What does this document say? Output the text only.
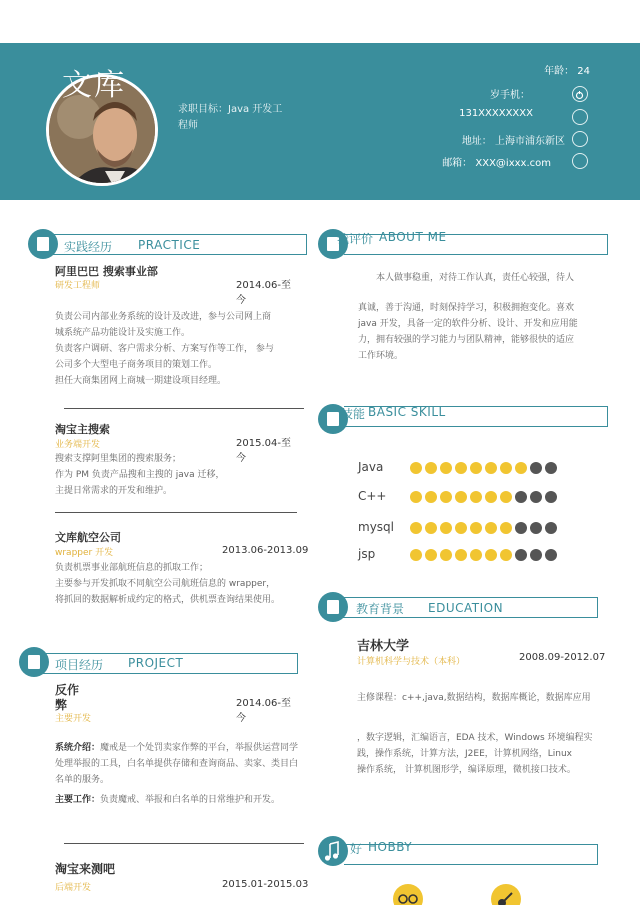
文库
求职目标：Java 开发工程师
年龄： 24
岁手机：
131XXXXXXXX
地址： 上海市浦东新区
邮箱： XXX@ixxx.com
实践经历 PRACTICE
阿里巴巴 搜索事业部
研发工程师	2014.06-至今
负责公司内部业务系统的设计及改进，参与公司网上商
城系统产品功能设计及实施工作。
负责客户调研、客户需求分析、方案写作等工作， 参与
公司多个大型电子商务项目的策划工作。
担任大商集团网上商城一期建设项目经理。
淘宝主搜索
业务端开发	2015.04-至今
搜索支撑阿里集团的搜索服务；
作为 PM 负责产品搜和主搜的 java 迁移，
主提日常需求的开发和维护。
文库航空公司
wrapper 开发	2013.06-2013.09
负责机票事业部航班信息的抓取工作；
主要参与开发抓取不同航空公司航班信息的 wrapper，
将抓回的数据解析成约定的格式，供机票查询结果使用。
项目经历 PROJECT
反作弊
主要开发
2014.06-至今
系统介绍：魔戒是一个处罚卖家作弊的平台，举报供运营同学处理举报的工具，白名单提供存储和查询商品、卖家、类目白名单的服务。
主要工作：负责魔戒、举报和白名单的日常维护和开发。
淘宝来测吧
后端开发	2015.01-2015.03
我评价 ABOUT ME
本人做事稳重，对待工作认真，责任心较强，待人
真诚，善于沟通，时刻保持学习，积极拥抱变化。喜欢
java 开发，具备一定的软件分析、设计、开发和应用能
力，拥有较强的学习能力与团队精神，能够很快的适应
工作环境。
技能 BASIC SKILL
Java
C++
mysql
jsp
教育背景 EDUCATION
吉林大学
计算机科学与技术（本科）	2008.09-2012.07
主修课程：c++,java,数据结构，数据库概论，数据库应用
，数字逻辑，汇编语言，EDA 技术，Windows 环境编程实
践，操作系统，计算方法，J2EE，计算机网络，Linux
操作系统， 计算机图形学，编译原理，微机接口技术。
好 HOBBY
